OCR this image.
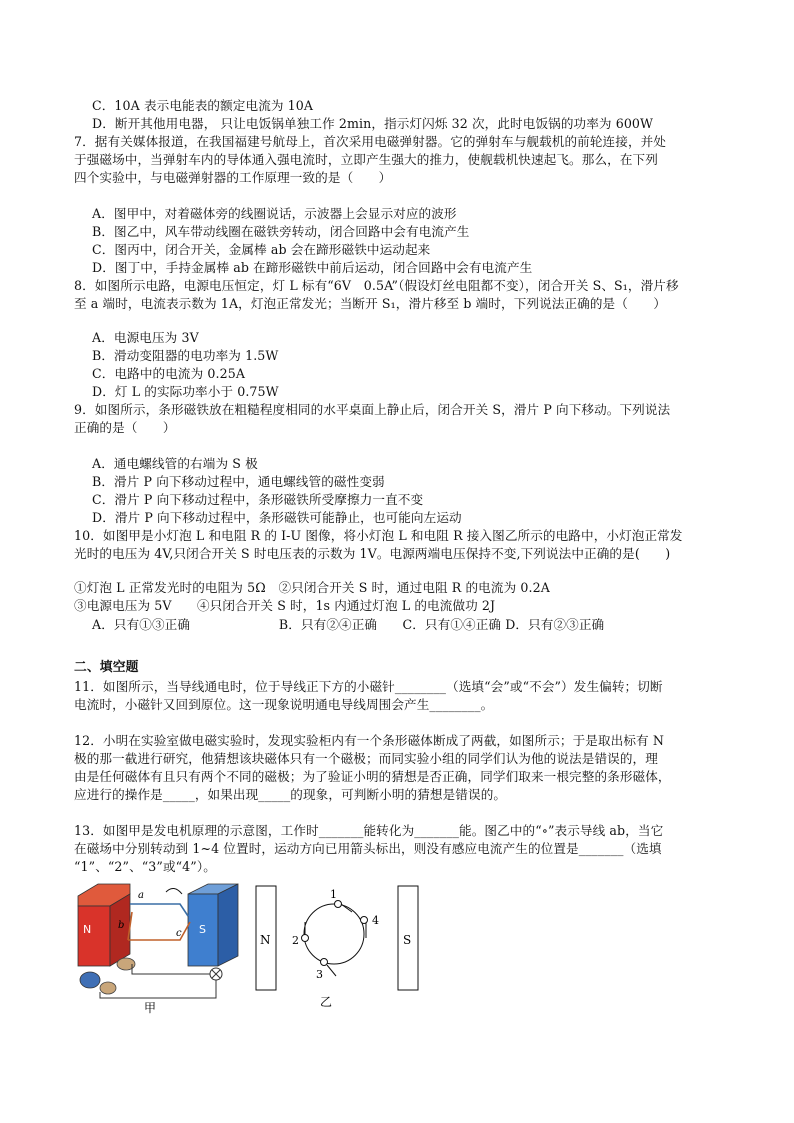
C．10A 表示电能表的额定电流为 10A
D．断开其他用电器， 只让电饭锅单独工作 2min，指示灯闪烁 32 次，此时电饭锅的功率为 600W
7．据有关媒体报道，在我国福建号航母上，首次采用电磁弹射器。它的弹射车与舰载机的前轮连接，并处
于强磁场中，当弹射车内的导体通入强电流时，立即产生强大的推力，使舰载机快速起飞。那么，在下列
四个实验中，与电磁弹射器的工作原理一致的是（　　）
A．图甲中，对着磁体旁的线圈说话，示波器上会显示对应的波形
B．图乙中，风车带动线圈在磁铁旁转动，闭合回路中会有电流产生
C．图丙中，闭合开关，金属棒 ab 会在蹄形磁铁中运动起来
D．图丁中，手持金属棒 ab 在蹄形磁铁中前后运动，闭合回路中会有电流产生
8．如图所示电路，电源电压恒定，灯 L 标有“6V　0.5A”（假设灯丝电阻都不变），闭合开关 S、S₁，滑片移
至 a 端时，电流表示数为 1A，灯泡正常发光；当断开 S₁，滑片移至 b 端时，下列说法正确的是（　　）
A．电源电压为 3V
B．滑动变阻器的电功率为 1.5W
C．电路中的电流为 0.25A
D．灯 L 的实际功率小于 0.75W
9．如图所示，条形磁铁放在粗糙程度相同的水平桌面上静止后，闭合开关 S，滑片 P 向下移动。下列说法
正确的是（　　）
A．通电螺线管的右端为 S 极
B．滑片 P 向下移动过程中，通电螺线管的磁性变弱
C．滑片 P 向下移动过程中，条形磁铁所受摩擦力一直不变
D．滑片 P 向下移动过程中，条形磁铁可能静止，也可能向左运动
10．如图甲是小灯泡 L 和电阻 R 的 I-U 图像，将小灯泡 L 和电阻 R 接入图乙所示的电路中，小灯泡正常发
光时的电压为 4V,只闭合开关 S 时电压表的示数为 1V。电源两端电压保持不变,下列说法中正确的是(　　)
①灯泡 L 正常发光时的电阻为 5Ω　②只闭合开关 S 时，通过电阻 R 的电流为 0.2A
③电源电压为 5V　　④只闭合开关 S 时，1s 内通过灯泡 L 的电流做功 2J
A．只有①③正确　　　　　　　B．只有②④正确　　C．只有①④正确 D．只有②③正确
二、填空题
11．如图所示，当导线通电时，位于导线正下方的小磁针________（选填“会”或“不会”）发生偏转；切断
电流时，小磁针又回到原位。这一现象说明通电导线周围会产生________。
12．小明在实验室做电磁实验时，发现实验柜内有一个条形磁体断成了两截，如图所示；于是取出标有 N
极的那一截进行研究，他猜想该块磁体只有一个磁极；而同实验小组的同学们认为他的说法是错误的，理
由是任何磁体有且只有两个不同的磁极；为了验证小明的猜想是否正确，同学们取来一根完整的条形磁体，
应进行的操作是_____，如果出现_____的现象，可判断小明的猜想是错误的。
13．如图甲是发电机原理的示意图，工作时_______能转化为_______能。图乙中的“∘”表示导线 ab，当它
在磁场中分别转动到 1~4 位置时，运动方向已用箭头标出，则没有感应电流产生的位置是_______（选填
“1”、“2”、“3”或“4”）。
N	S
a
b
c
甲
N	S
1
4
2
3
乙
